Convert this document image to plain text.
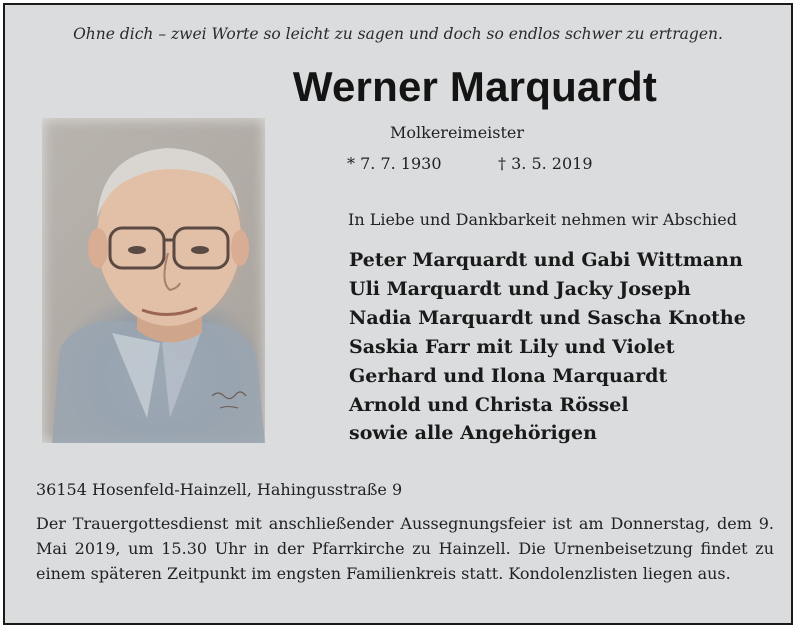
Ohne dich – zwei Worte so leicht zu sagen und doch so endlos schwer zu ertragen.
Werner Marquardt
Molkereimeister
* 7. 7. 1930	† 3. 5. 2019
In Liebe und Dankbarkeit nehmen wir Abschied
Peter Marquardt und Gabi Wittmann
Uli Marquardt und Jacky Joseph
Nadia Marquardt und Sascha Knothe
Saskia Farr mit Lily und Violet
Gerhard und Ilona Marquardt
Arnold und Christa Rössel
sowie alle Angehörigen
36154 Hosenfeld-Hainzell, Hahingusstraße 9
Der Trauergottesdienst mit anschließender Aussegnungsfeier ist am Donnerstag, dem 9. Mai 2019, um 15.30 Uhr in der Pfarrkirche zu Hainzell. Die Urnenbeisetzung findet zu einem späteren Zeitpunkt im engsten Familienkreis statt. Kondolenzlisten liegen aus.
